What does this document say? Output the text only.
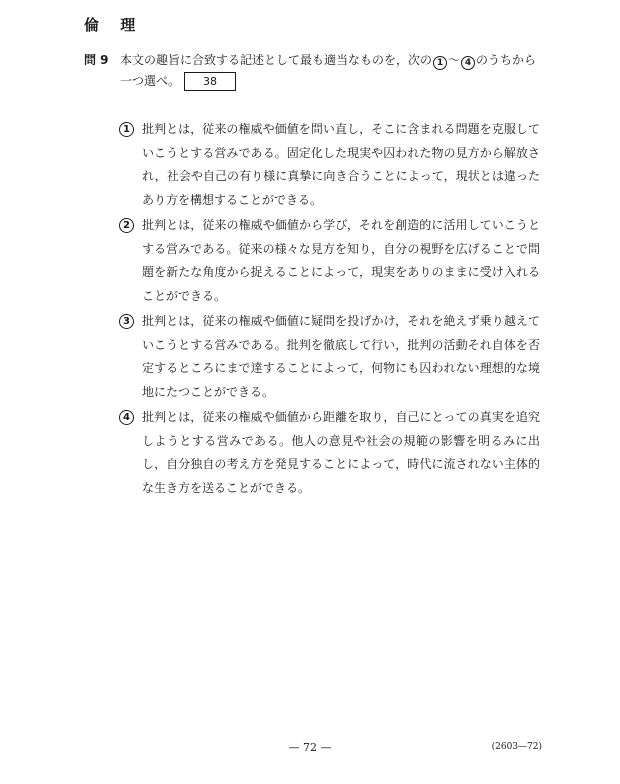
倫 理
問 9 本文の趣旨に合致する記述として最も適当なものを，次の 1 〜 4 のうちから
一つ選べ。 38
1	批判とは，従来の権威や価値を問い直し，そこに含まれる問題を克服していこうとする営みである。固定化した現実や囚われた物の見方から解放され，社会や自己の有り様に真摯に向き合うことによって，現状とは違ったあり方を構想することができる。
2	批判とは，従来の権威や価値から学び，それを創造的に活用していこうとする営みである。従来の様々な見方を知り，自分の視野を広げることで問題を新たな角度から捉えることによって，現実をありのままに受け入れることができる。
3	批判とは，従来の権威や価値に疑問を投げかけ，それを絶えず乗り越えていこうとする営みである。批判を徹底して行い，批判の活動それ自体を否定するところにまで達することによって，何物にも囚われない理想的な境地にたつことができる。
4	批判とは，従来の権威や価値から距離を取り，自己にとっての真実を追究しようとする営みである。他人の意見や社会の規範の影響を明るみに出し，自分独自の考え方を発見することによって，時代に流されない主体的な生き方を送ることができる。
— 72 —	(2603—72)
